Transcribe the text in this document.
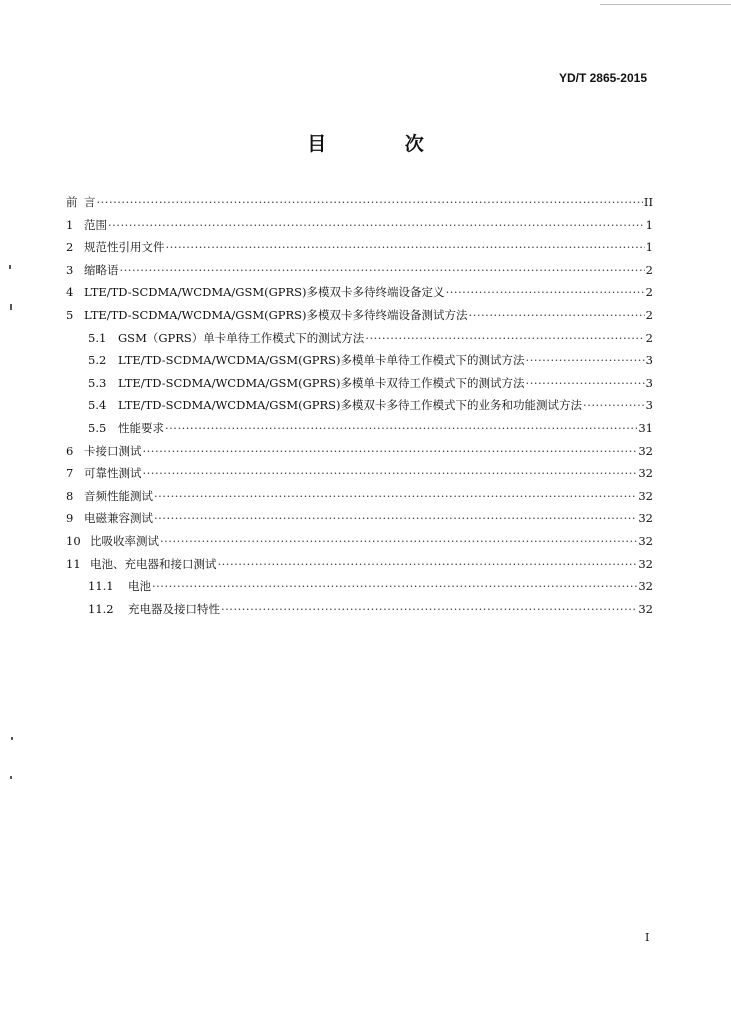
YD/T 2865-2015
目 次
前 言 ·····	II
1 范围 ·····	1
2 规范性引用文件 ·····	1
3 缩略语 ·····	2
4 LTE/TD-SCDMA/WCDMA/GSM(GPRS)多模双卡多待终端设备定义 ·····	2
5 LTE/TD-SCDMA/WCDMA/GSM(GPRS)多模双卡多待终端设备测试方法 ·····	2
5.1	GSM（GPRS）单卡单待工作模式下的测试方法 ·····	2
5.2	LTE/TD-SCDMA/WCDMA/GSM(GPRS)多模单卡单待工作模式下的测试方法 ·····	3
5.3	LTE/TD-SCDMA/WCDMA/GSM(GPRS)多模单卡双待工作模式下的测试方法 ·····	3
5.4	LTE/TD-SCDMA/WCDMA/GSM(GPRS)多模双卡多待工作模式下的业务和功能测试方法 ·····	3
5.5	性能要求 ·····	31
6 卡接口测试 ·····	32
7 可靠性测试 ·····	32
8 音频性能测试 ·····	32
9 电磁兼容测试 ·····	32
10 比吸收率测试 ·····	32
11 电池、充电器和接口测试 ·····	32
11.1	电池 ·····	32
11.2	充电器及接口特性 ·····	32
I
